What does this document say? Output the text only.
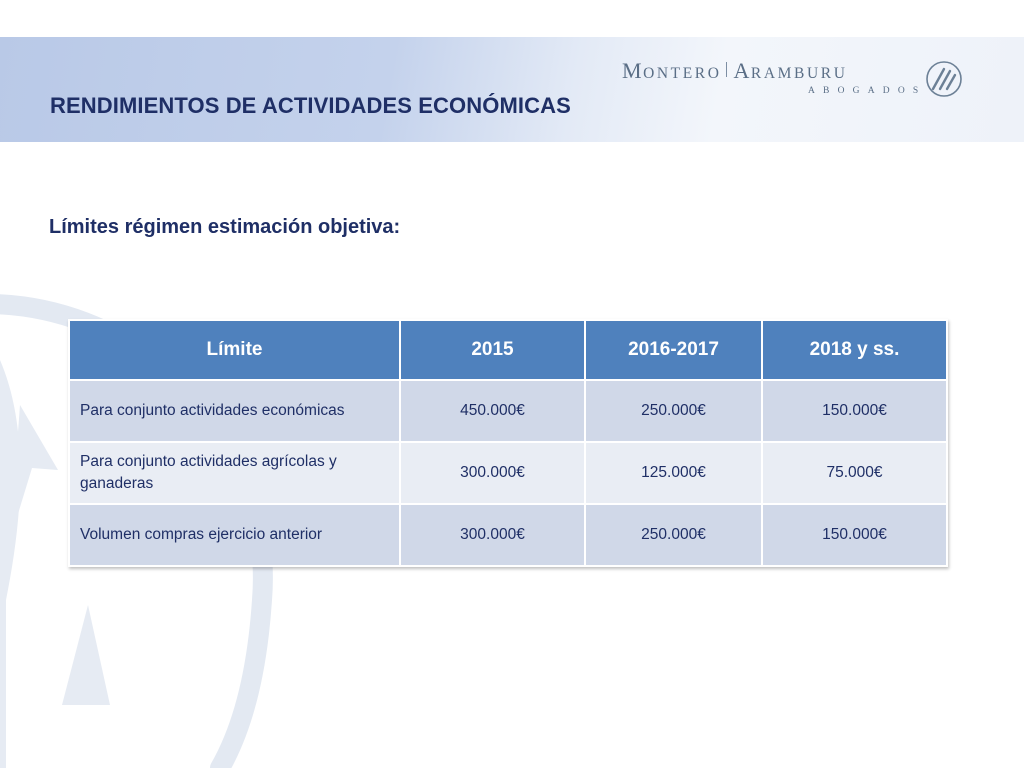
MONTERO ARAMBURU
ABOGADOS
RENDIMIENTOS DE ACTIVIDADES ECONÓMICAS
Límites régimen estimación objetiva:
Límite	2015	2016-2017	2018 y ss.
Para conjunto actividades económicas	450.000€	250.000€	150.000€
Para conjunto actividades agrícolas y ganaderas	300.000€	125.000€	75.000€
Volumen compras ejercicio anterior	300.000€	250.000€	150.000€
